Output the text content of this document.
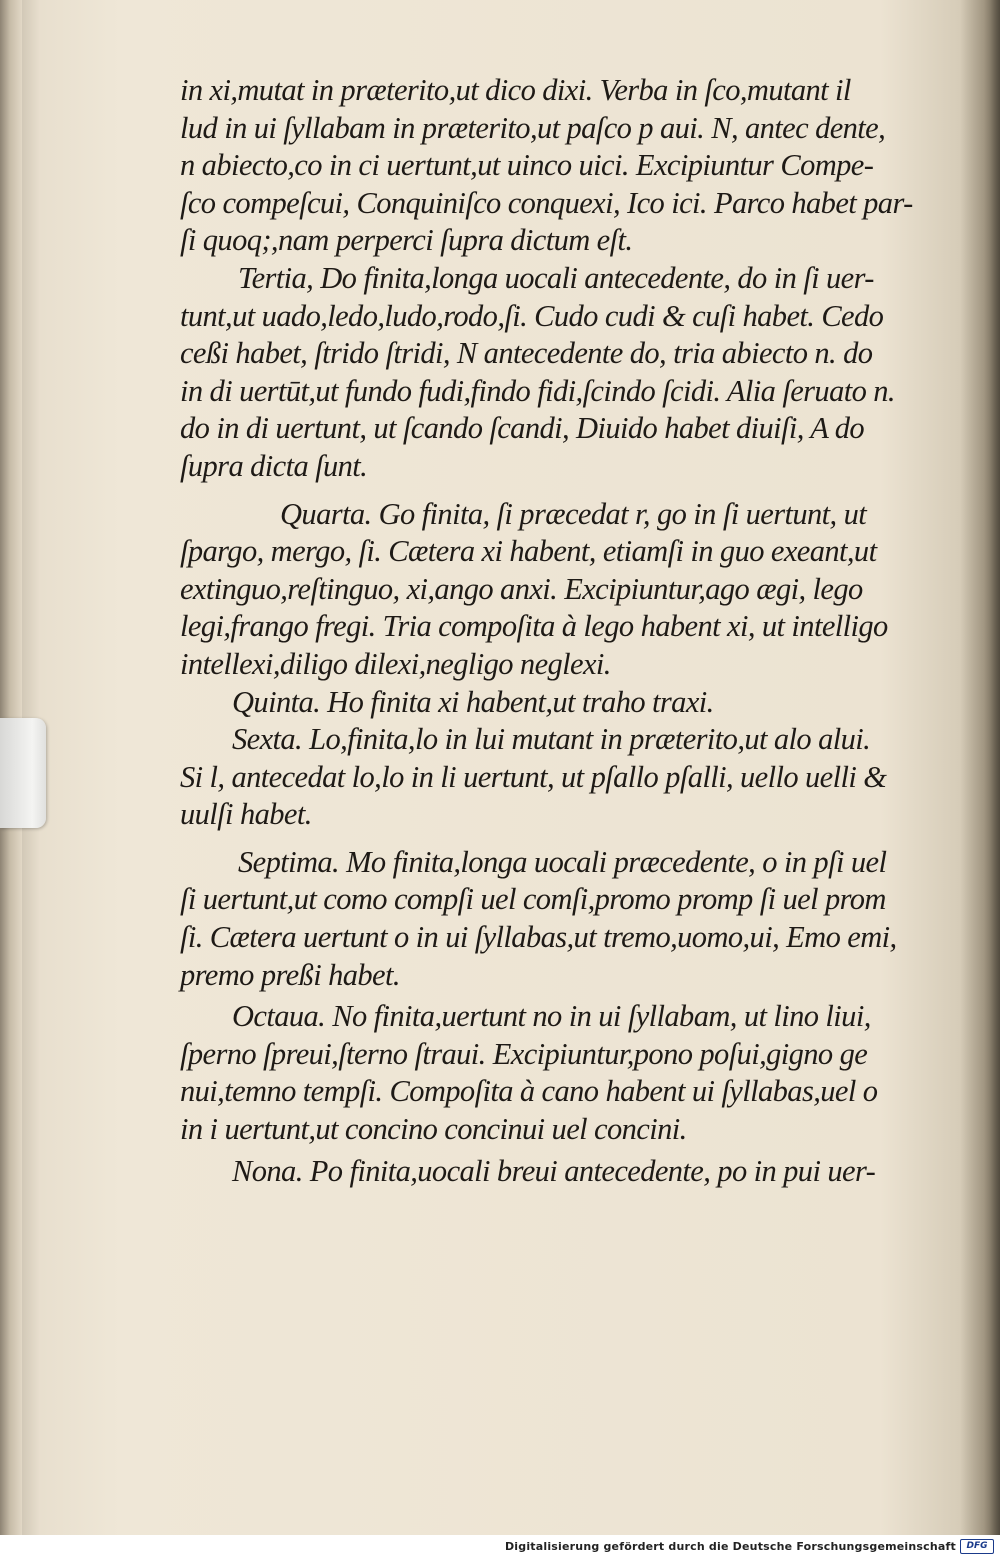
in xi,mutat in præterito,ut dico dixi. Verba in ſco,mutant il
lud in ui ſyllabam in præterito,ut paſco p aui. N, antec dente,
n abiecto,co in ci uertunt,ut uinco uici. Excipiuntur Compe-
ſco compeſcui, Conquiniſco conquexi, Ico ici. Parco habet par-
ſi quoq;,nam perperci ſupra dictum eſt.
Tertia, Do finita,longa uocali antecedente, do in ſi uer-
tunt,ut uado,ledo,ludo,rodo,ſi. Cudo cudi & cuſi habet. Cedo
ceßi habet, ſtrido ſtridi, N antecedente do, tria abiecto n. do
in di uertūt,ut fundo fudi,findo fidi,ſcindo ſcidi. Alia ſeruato n.
do in di uertunt, ut ſcando ſcandi, Diuido habet diuiſi, A do
ſupra dicta ſunt.
Quarta. Go finita, ſi præcedat r, go in ſi uertunt, ut
ſpargo, mergo, ſi. Cætera xi habent, etiamſi in guo exeant,ut
extinguo,reſtinguo, xi,ango anxi. Excipiuntur,ago ægi, lego
legi,frango fregi. Tria compoſita à lego habent xi, ut intelligo
intellexi,diligo dilexi,negligo neglexi.
Quinta. Ho finita xi habent,ut traho traxi.
Sexta. Lo,finita,lo in lui mutant in præterito,ut alo alui.
Si l, antecedat lo,lo in li uertunt, ut pſallo pſalli, uello uelli &
uulſi habet.
Septima. Mo finita,longa uocali præcedente, o in pſi uel
ſi uertunt,ut como compſi uel comſi,promo promp ſi uel prom
ſi. Cætera uertunt o in ui ſyllabas,ut tremo,uomo,ui, Emo emi,
premo preßi habet.
Octaua. No finita,uertunt no in ui ſyllabam, ut lino liui,
ſperno ſpreui,ſterno ſtraui. Excipiuntur,pono poſui,gigno ge
nui,temno tempſi. Compoſita à cano habent ui ſyllabas,uel o
in i uertunt,ut concino concinui uel concini.
Nona. Po finita,uocali breui antecedente, po in pui uer-
Digitalisierung gefördert durch die Deutsche Forschungsgemeinschaft	DFG
